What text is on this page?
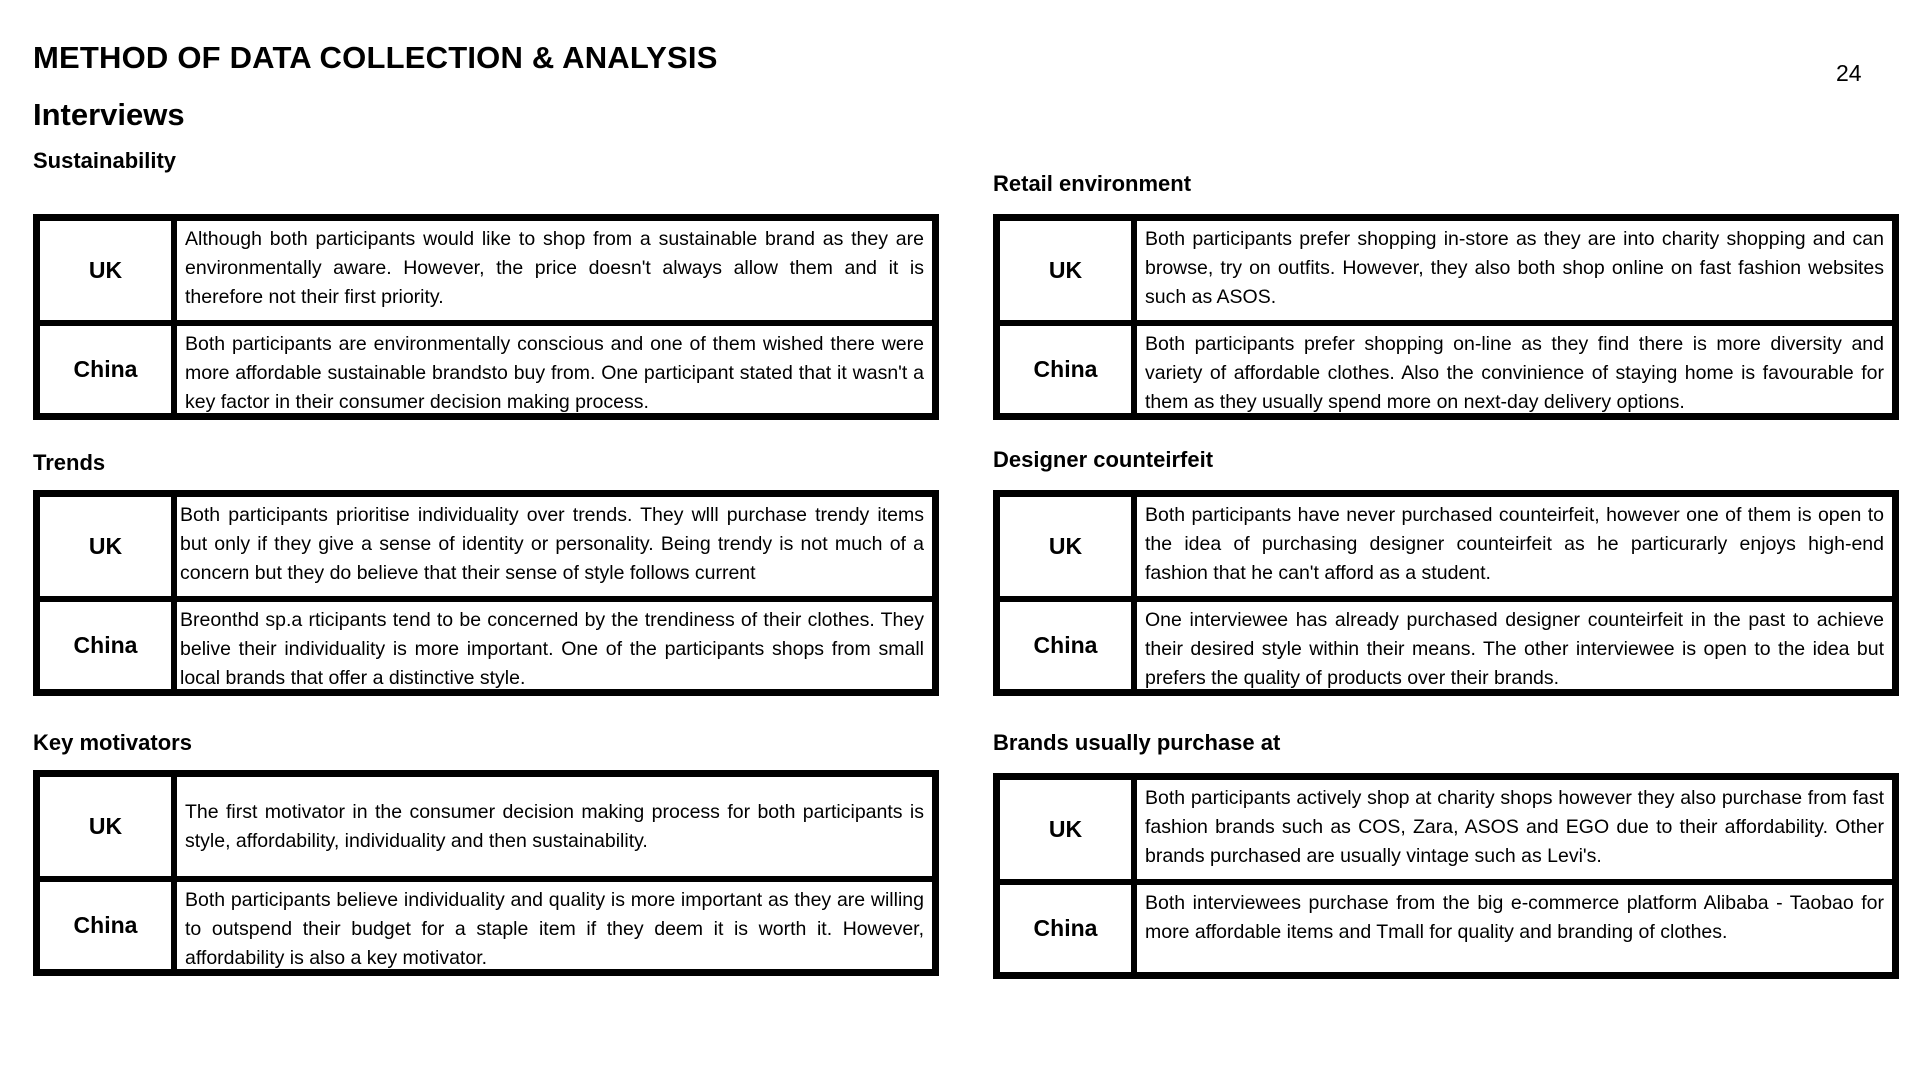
METHOD OF DATA COLLECTION & ANALYSIS
Interviews
24
Sustainability
UK
Although both participants would like to shop from a sustainable brand as they are environmentally aware. However, the price doesn't always allow them and it is therefore not their first priority.
China
Both participants are environmentally conscious and one of them wished there were more affordable sustainable brandsto buy from. One participant stated that it wasn't a key factor in their consumer decision making process.
Retail environment
UK
Both participants prefer shopping in-store as they are into charity shopping and can browse, try on outfits. However, they also both shop online on fast fashion websites such as ASOS.
China
Both participants prefer shopping on-line as they find there is more diversity and variety of affordable clothes. Also the convinience of staying home is favourable for them as they usually spend more on next-day delivery options.
Trends
UK
Both participants prioritise individuality over trends. They wlll purchase trendy items but only if they give a sense of identity or personality. Being trendy is not much of a concern but they do believe that their sense of style follows current
China
Breonthd sp.a rticipants tend to be concerned by the trendiness of their clothes. They belive their individuality is more important. One of the participants shops from small local brands that offer a distinctive style.
Designer counteirfeit
UK
Both participants have never purchased counteirfeit, however one of them is open to the idea of purchasing designer counteirfeit as he particurarly enjoys high-end fashion that he can't afford as a student.
China
One interviewee has already purchased designer counteirfeit in the past to achieve their desired style within their means. The other interviewee is open to the idea but prefers the quality of products over their brands.
Key motivators
UK
The first motivator in the consumer decision making process for both participants is style, affordability, individuality and then sustainability.
China
Both participants believe individuality and quality is more important as they are willing to outspend their budget for a staple item if they deem it is worth it. However, affordability is also a key motivator.
Brands usually purchase at
UK
Both participants actively shop at charity shops however they also purchase from fast fashion brands such as COS, Zara, ASOS and EGO due to their affordability. Other brands purchased are usually vintage such as Levi's.
China
Both interviewees purchase from the big e-commerce platform Alibaba - Taobao for more affordable items and Tmall for quality and branding of clothes.
